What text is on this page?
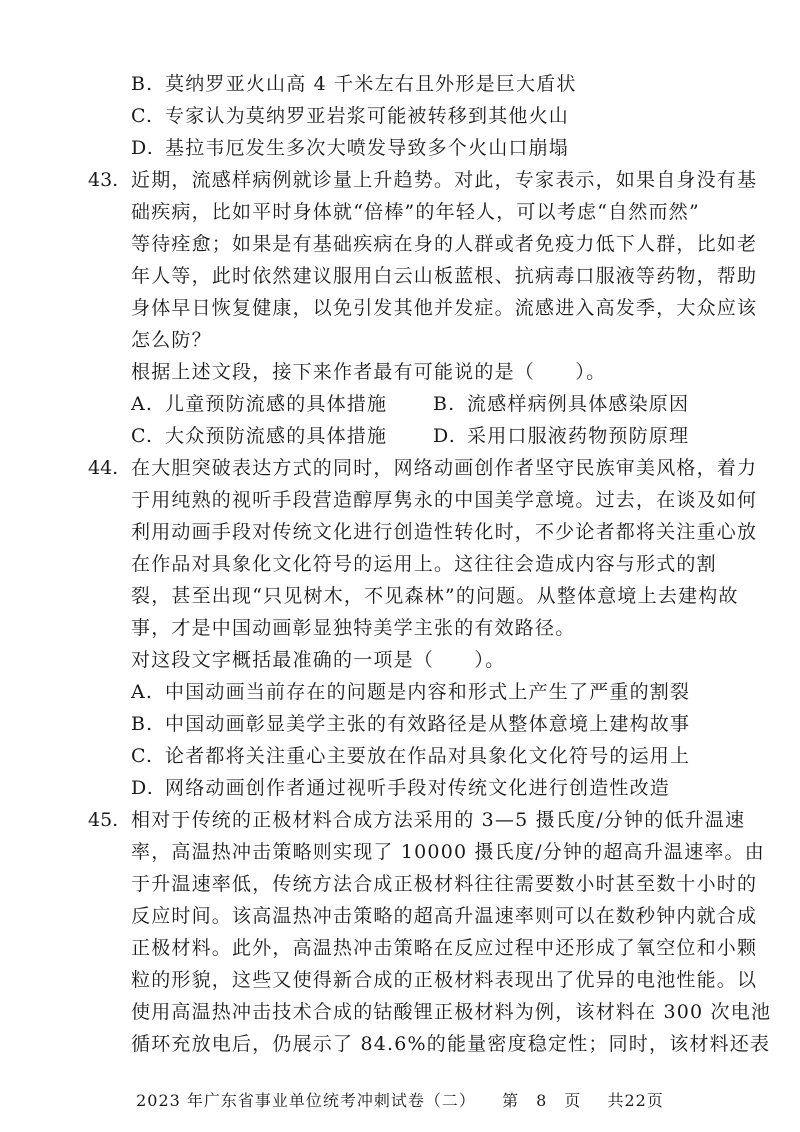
B. 莫纳罗亚火山高 4 千米左右且外形是巨大盾状
C. 专家认为莫纳罗亚岩浆可能被转移到其他火山
D. 基拉韦厄发生多次大喷发导致多个火山口崩塌
43. 近期，流感样病例就诊量上升趋势。对此，专家表示，如果自身没有基
础疾病，比如平时身体就“倍棒”的年轻人，可以考虑“自然而然”
等待痊愈；如果是有基础疾病在身的人群或者免疫力低下人群，比如老
年人等，此时依然建议服用白云山板蓝根、抗病毒口服液等药物，帮助
身体早日恢复健康，以免引发其他并发症。流感进入高发季，大众应该
怎么防？
根据上述文段，接下来作者最有可能说的是（　　）。
A. 儿童预防流感的具体措施 B. 流感样病例具体感染原因
C. 大众预防流感的具体措施 D. 采用口服液药物预防原理
44. 在大胆突破表达方式的同时，网络动画创作者坚守民族审美风格，着力
于用纯熟的视听手段营造醇厚隽永的中国美学意境。过去，在谈及如何
利用动画手段对传统文化进行创造性转化时，不少论者都将关注重心放
在作品对具象化文化符号的运用上。这往往会造成内容与形式的割
裂，甚至出现“只见树木，不见森林”的问题。从整体意境上去建构故
事，才是中国动画彰显独特美学主张的有效路径。
对这段文字概括最准确的一项是（　　）。
A. 中国动画当前存在的问题是内容和形式上产生了严重的割裂
B. 中国动画彰显美学主张的有效路径是从整体意境上建构故事
C. 论者都将关注重心主要放在作品对具象化文化符号的运用上
D. 网络动画创作者通过视听手段对传统文化进行创造性改造
45. 相对于传统的正极材料合成方法采用的 3—5 摄氏度/分钟的低升温速
率，高温热冲击策略则实现了 10000 摄氏度/分钟的超高升温速率。由
于升温速率低，传统方法合成正极材料往往需要数小时甚至数十小时的
反应时间。该高温热冲击策略的超高升温速率则可以在数秒钟内就合成
正极材料。此外，高温热冲击策略在反应过程中还形成了氧空位和小颗
粒的形貌，这些又使得新合成的正极材料表现出了优异的电池性能。以
使用高温热冲击技术合成的钴酸锂正极材料为例，该材料在 300 次电池
循环充放电后，仍展示了 84.6%的能量密度稳定性；同时，该材料还表
2023 年广东省事业单位统考冲刺试卷（二） 第　8　页 共22页
